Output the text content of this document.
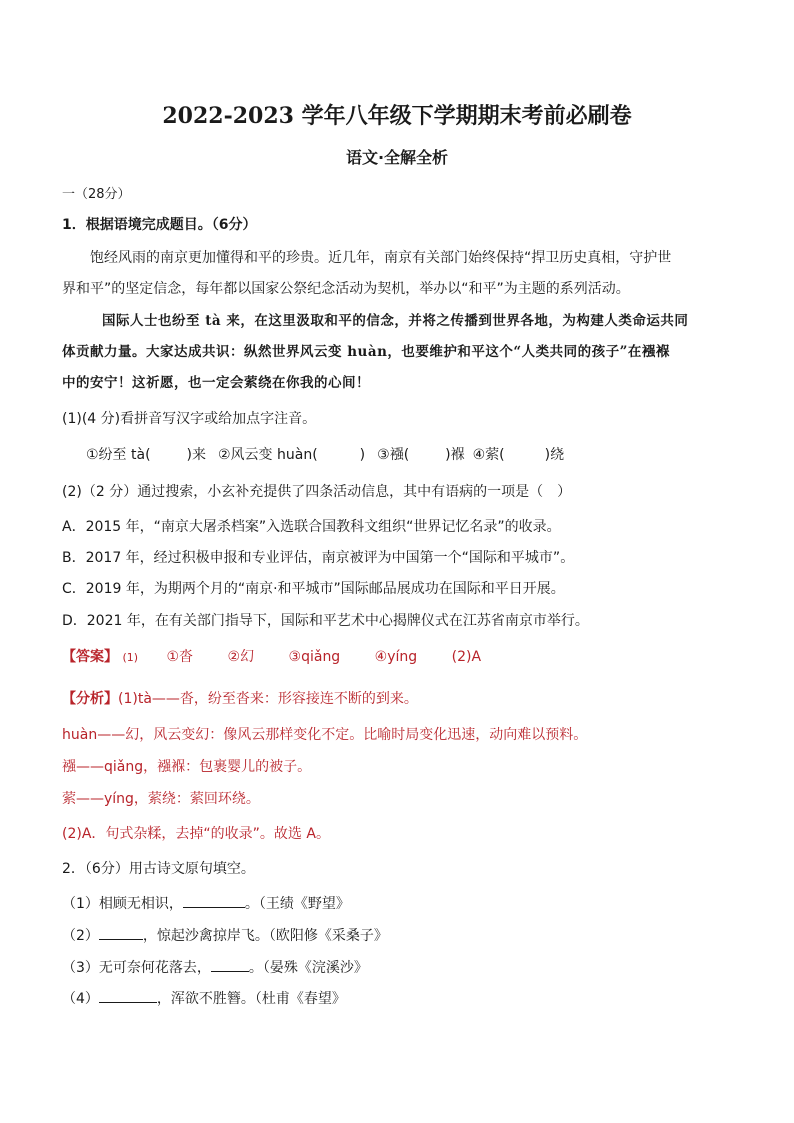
2022-2023 学年八年级下学期期末考前必刷卷
语文·全解全析
一（28分）
1．根据语境完成题目。（6分）
饱经风雨的南京更加懂得和平的珍贵。近几年，南京有关部门始终保持“捍卫历史真相，守护世
界和平”的坚定信念，每年都以国家公祭纪念活动为契机，举办以“和平”为主题的系列活动。
国际人士也纷至 tà 来，在这里汲取和平的信念，并将之传播到世界各地，为构建人类命运共同
体贡献力量。大家达成共识：纵然世界风云变 huàn，也要维护和平这个“人类共同的孩子”在襁褓
中的安宁！这祈愿，也一定会萦绕在你我的心间！
(1)(4 分)看拼音写汉字或给加点字注音。
①纷至 tà(	)来 ②风云变 huàn(	) ③襁(	)褓 ④萦(	)绕
(2)（2 分）通过搜索，小玄补充提供了四条活动信息，其中有语病的一项是（　）
A．2015 年，“南京大屠杀档案”入选联合国教科文组织“世界记忆名录”的收录。
B．2017 年，经过积极申报和专业评估，南京被评为中国第一个“国际和平城市”。
C．2019 年，为期两个月的“南京·和平城市”国际邮品展成功在国际和平日开展。
D．2021 年，在有关部门指导下，国际和平艺术中心揭牌仪式在江苏省南京市举行。
【答案】 (1) ①沓 ②幻 ③qiǎng ④yíng (2)A
【分析】(1)tà——沓，纷至沓来：形容接连不断的到来。
huàn——幻，风云变幻：像风云那样变化不定。比喻时局变化迅速，动向难以预料。
襁——qiǎng，襁褓：包裹婴儿的被子。
萦——yíng，萦绕：萦回环绕。
(2)A．句式杂糅，去掉“的收录”。故选 A。
2．（6分）用古诗文原句填空。
（1）相顾无相识，	。（王绩《野望》
（2）	，惊起沙禽掠岸飞。（欧阳修《采桑子》
（3）无可奈何花落去，	。（晏殊《浣溪沙》
（4）	，浑欲不胜簪。（杜甫《春望》
